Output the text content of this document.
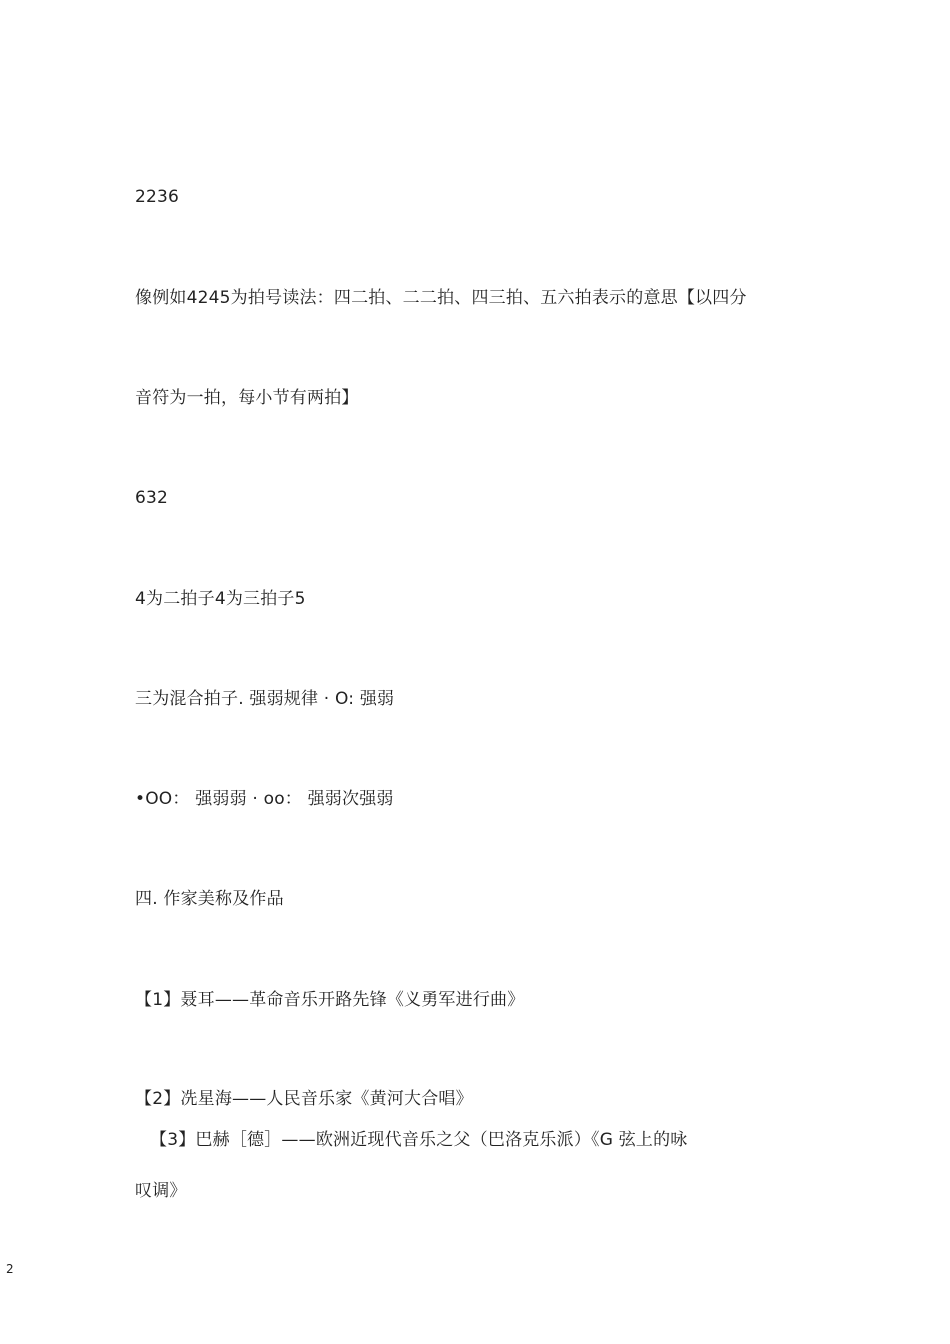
2236
像例如4245为拍号读法：四二拍、二二拍、四三拍、五六拍表示的意思【以四分
音符为一拍，每小节有两拍】
632
4为二拍子4为三拍子5
三为混合拍子. 强弱规律 · O: 强弱
•OO： 强弱弱 · oo： 强弱次强弱
四. 作家美称及作品
【1】聂耳——革命音乐开路先锋《义勇军进行曲》
【2】冼星海——人民音乐家《黄河大合唱》
【3】巴赫［德］——欧洲近现代音乐之父（巴洛克乐派）《G 弦上的咏
叹调》
2
